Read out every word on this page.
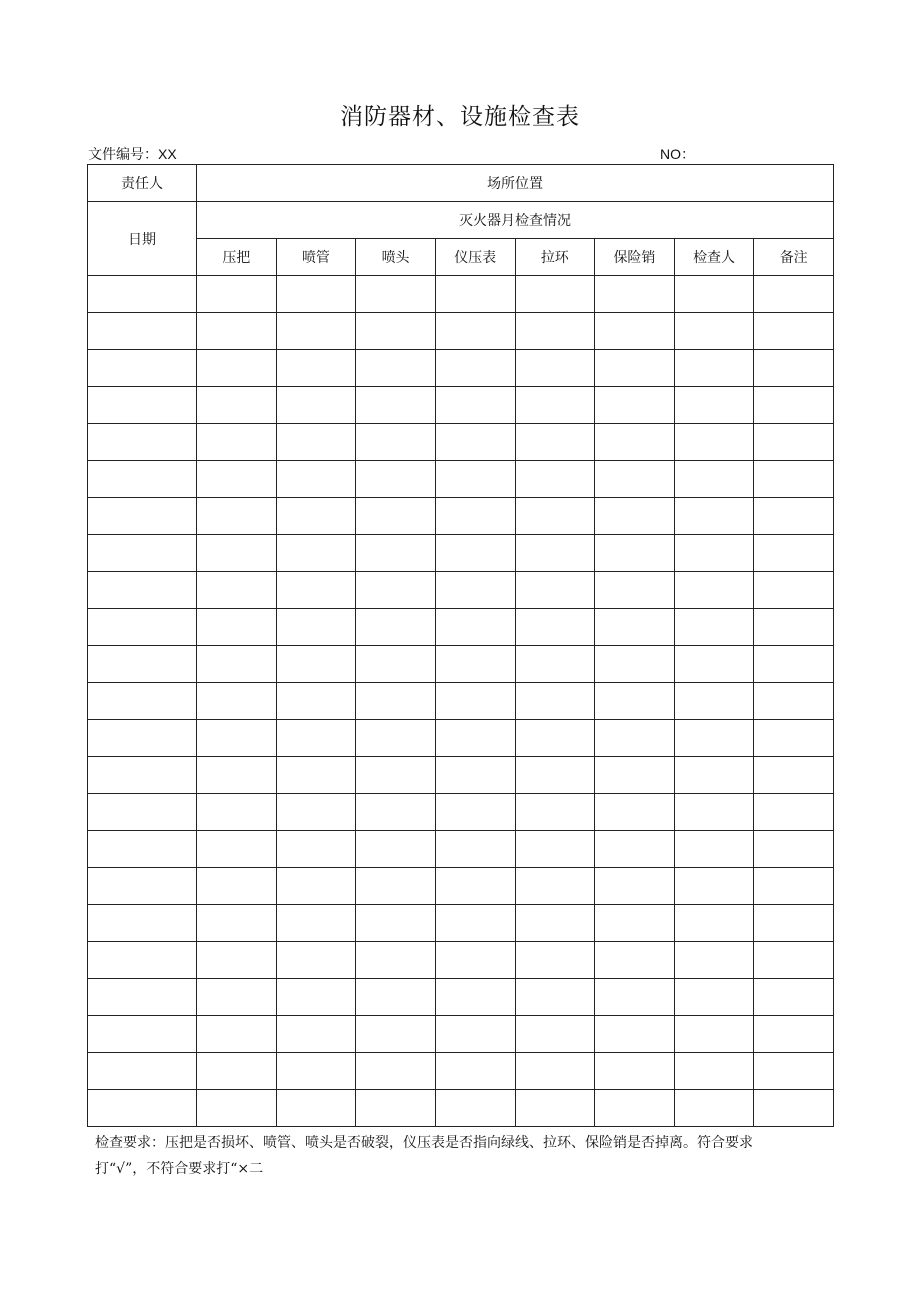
消防器材、设施检查表
文件编号：XX	NO：
责任人	场所位置							
日期	灭火器月检查情况							
	压把	喷管	喷头	仪压表	拉环	保险销	检查人	备注

检查要求：压把是否损坏、喷管、喷头是否破裂，仪压表是否指向绿线、拉环、保险销是否掉离。符合要求
打“√”，不符合要求打“×二
